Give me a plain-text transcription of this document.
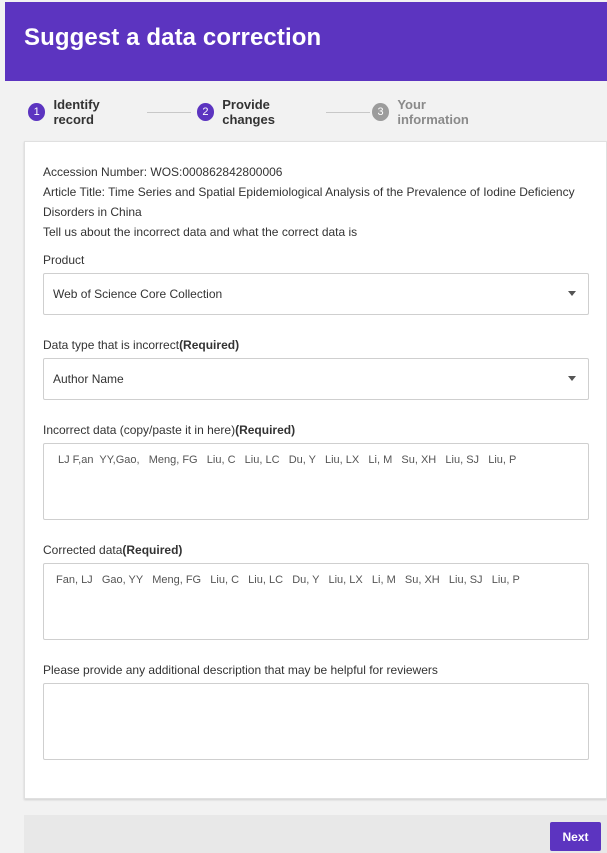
Suggest a data correction
1	Identify record	2	Provide changes	3	Your information
Accession Number: WOS:000862842800006
Article Title: Time Series and Spatial Epidemiological Analysis of the Prevalence of Iodine Deficiency Disorders in China
Tell us about the incorrect data and what the correct data is
Product
Web of Science Core Collection
Data type that is incorrect(Required)
Author Name
Incorrect data (copy/paste it in here)(Required)
LJ F,an  YY,Gao,   Meng, FG   Liu, C   Liu, LC   Du, Y   Liu, LX   Li, M   Su, XH   Liu, SJ   Liu, P
Corrected data(Required)
Fan, LJ   Gao, YY   Meng, FG   Liu, C   Liu, LC   Du, Y   Liu, LX   Li, M   Su, XH   Liu, SJ   Liu, P
Please provide any additional description that may be helpful for reviewers
Next
